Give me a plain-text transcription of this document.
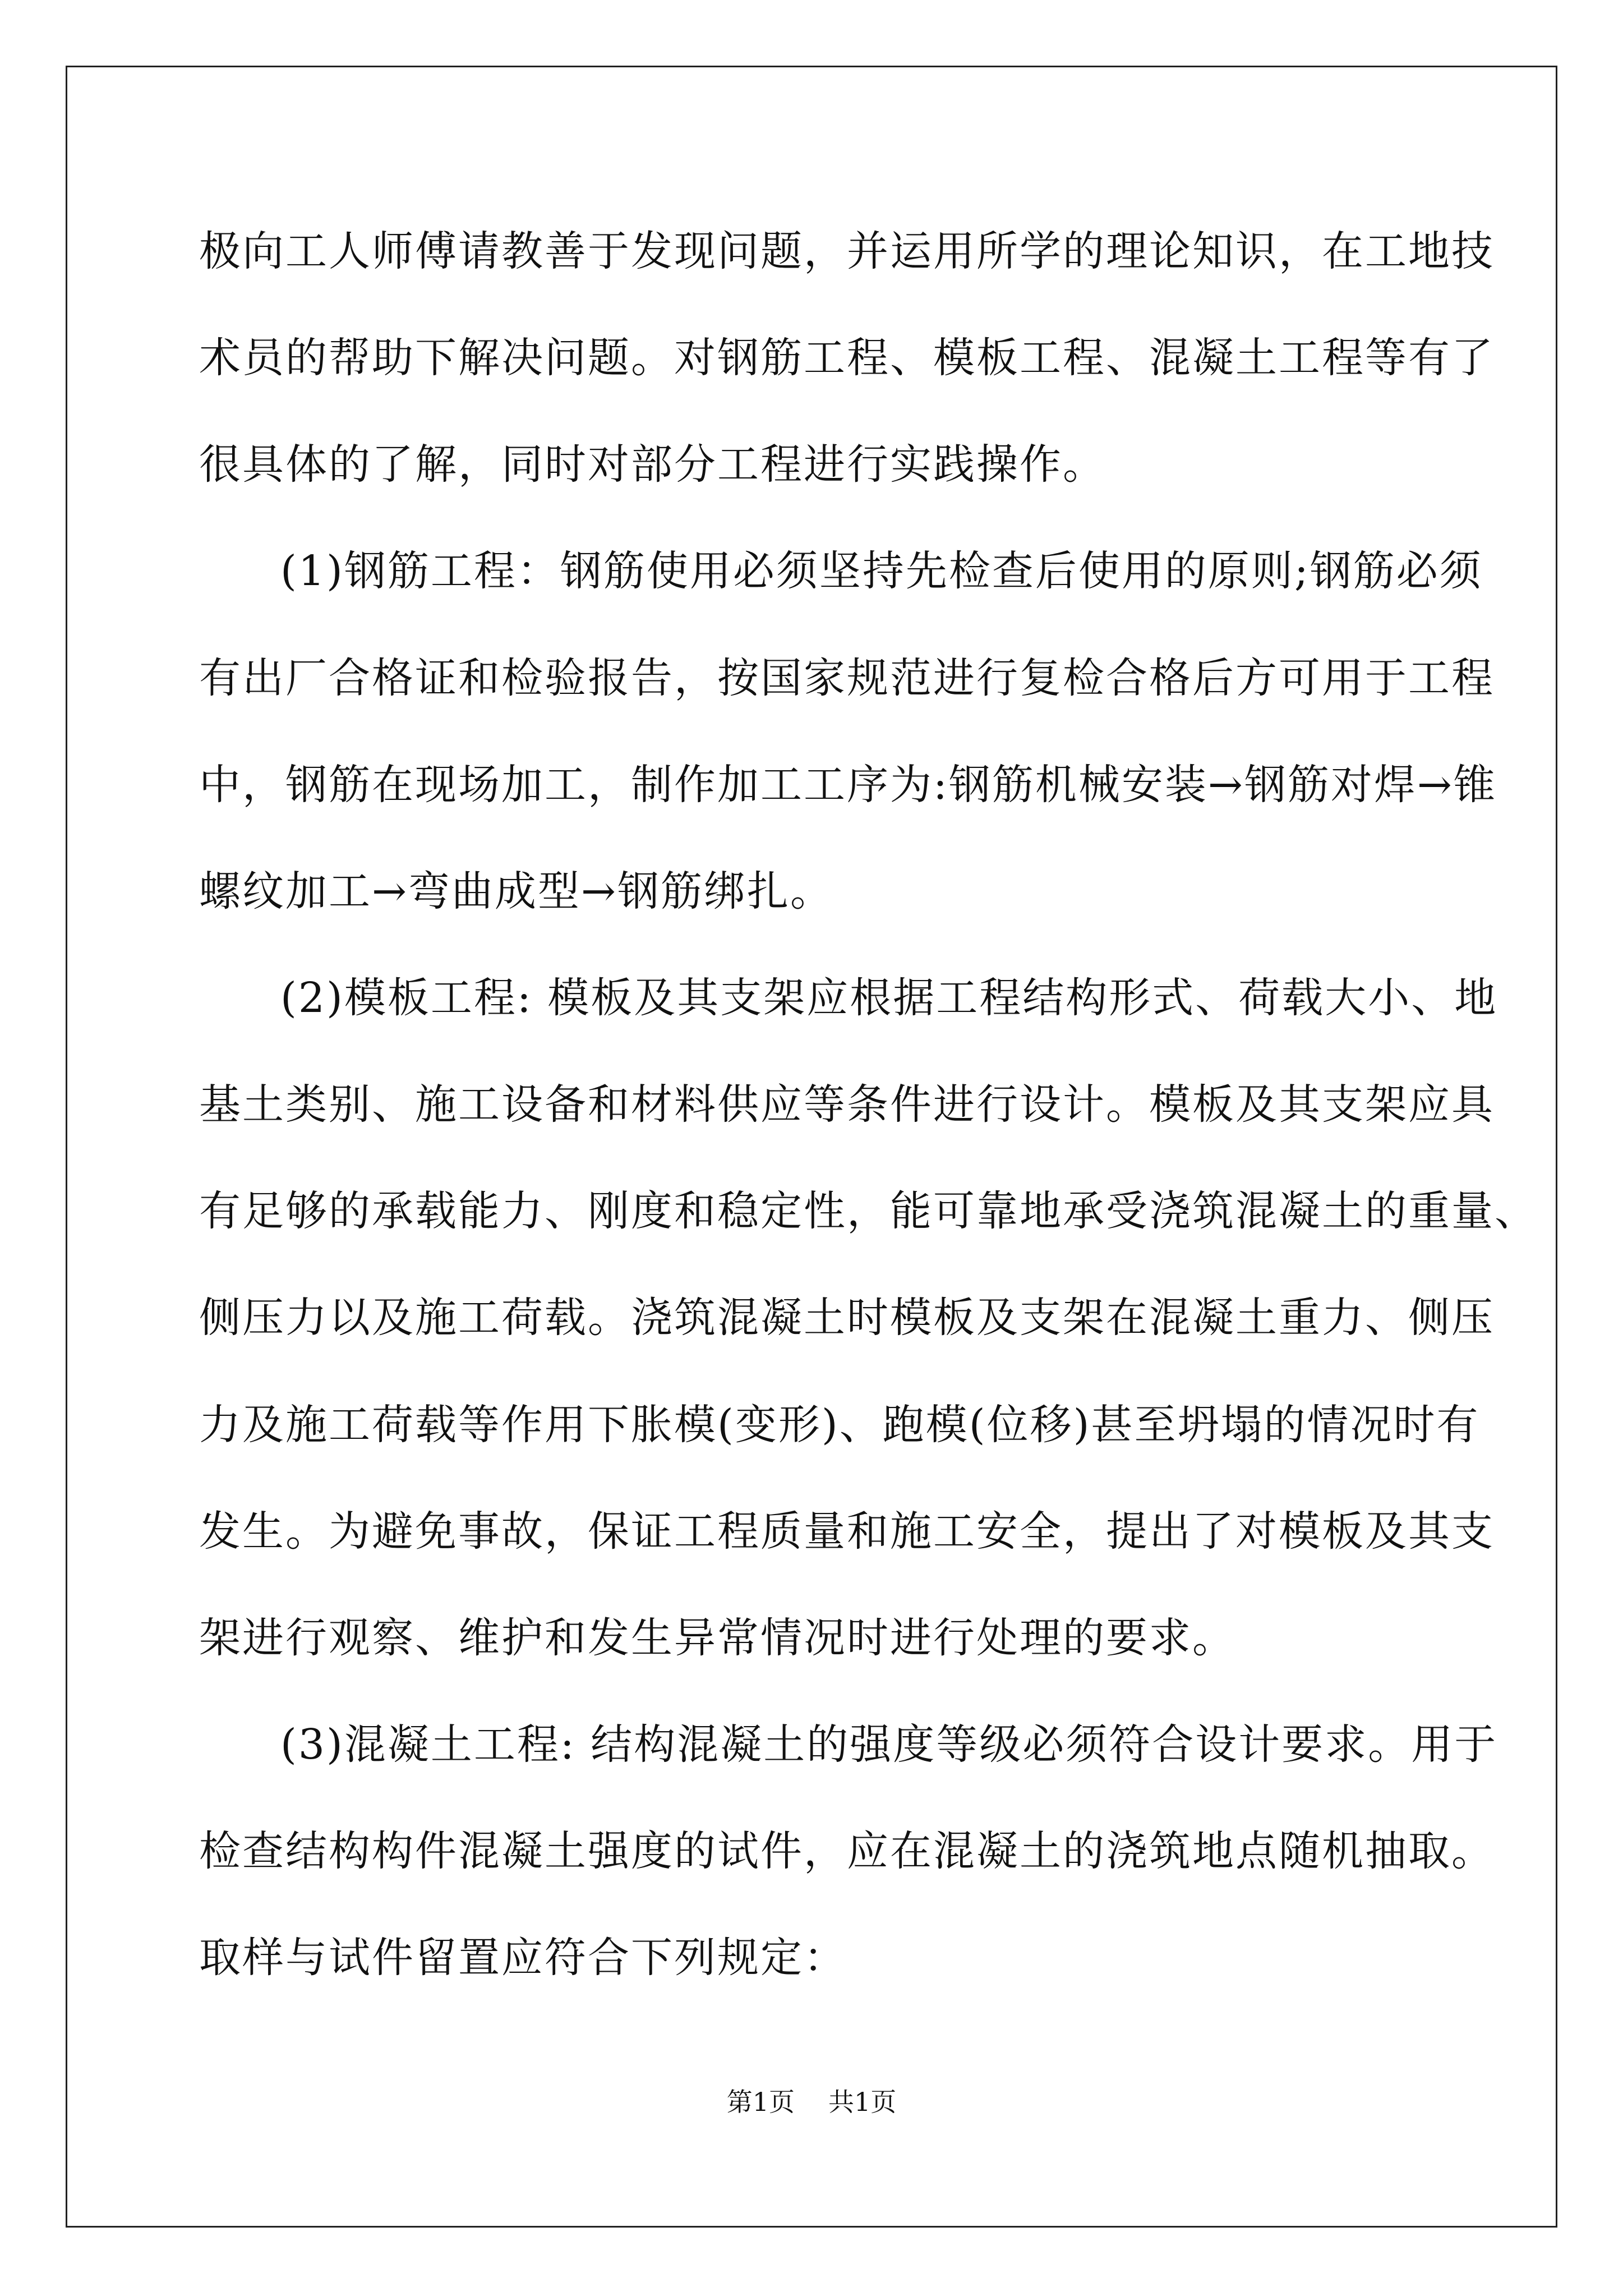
极向工人师傅请教善于发现问题，并运用所学的理论知识，在工地技
术员的帮助下解决问题。对钢筋工程、模板工程、混凝土工程等有了
很具体的了解，同时对部分工程进行实践操作。
(1)钢筋工程：钢筋使用必须坚持先检查后使用的原则;钢筋必须
有出厂合格证和检验报告，按国家规范进行复检合格后方可用于工程
中，钢筋在现场加工，制作加工工序为:钢筋机械安装→钢筋对焊→锥
螺纹加工→弯曲成型→钢筋绑扎。
(2)模板工程: 模板及其支架应根据工程结构形式、荷载大小、地
基土类别、施工设备和材料供应等条件进行设计。模板及其支架应具
有足够的承载能力、刚度和稳定性，能可靠地承受浇筑混凝土的重量、
侧压力以及施工荷载。浇筑混凝土时模板及支架在混凝土重力、侧压
力及施工荷载等作用下胀模(变形)、跑模(位移)甚至坍塌的情况时有
发生。为避免事故，保证工程质量和施工安全，提出了对模板及其支
架进行观察、维护和发生异常情况时进行处理的要求。
(3)混凝土工程: 结构混凝土的强度等级必须符合设计要求。用于
检查结构构件混凝土强度的试件，应在混凝土的浇筑地点随机抽取。
取样与试件留置应符合下列规定：
第1页 共1页
